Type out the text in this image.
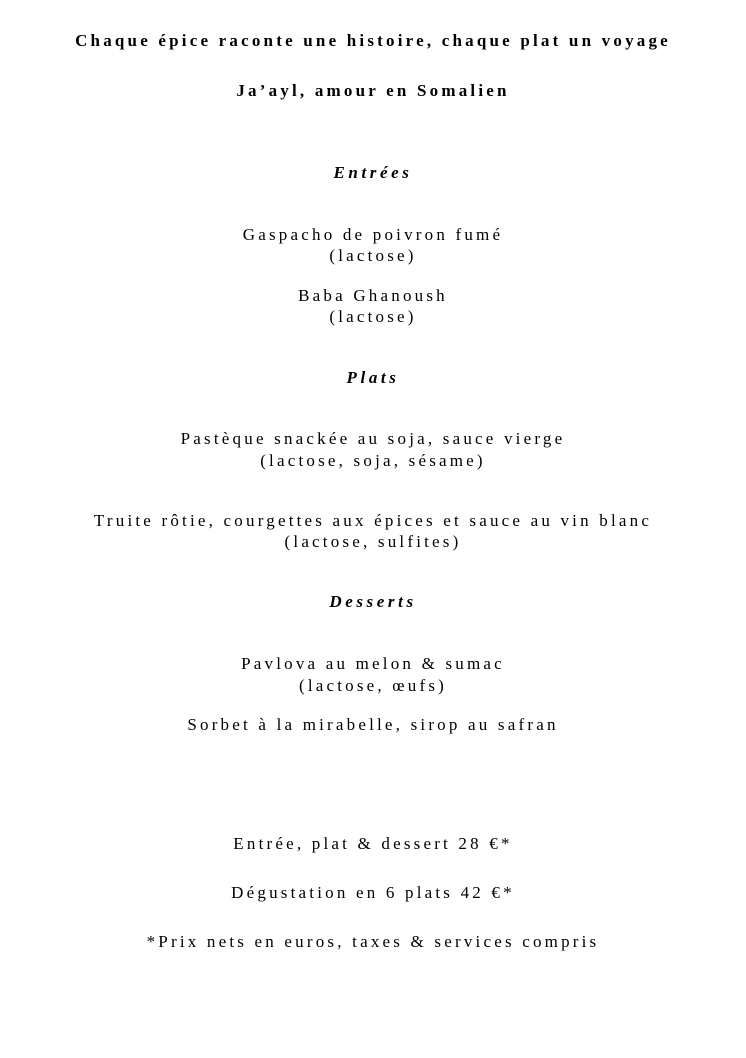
Chaque épice raconte une histoire, chaque plat un voyage
Ja’ayl, amour en Somalien
Entrées
Gaspacho de poivron fumé
(lactose)
Baba Ghanoush
(lactose)
Plats
Pastèque snackée au soja, sauce vierge
(lactose, soja, sésame)
Truite rôtie, courgettes aux épices et sauce au vin blanc
(lactose, sulfites)
Desserts
Pavlova au melon & sumac
(lactose, œufs)
Sorbet à la mirabelle, sirop au safran
Entrée, plat & dessert 28 €*
Dégustation en 6 plats 42 €*
*Prix nets en euros, taxes & services compris
